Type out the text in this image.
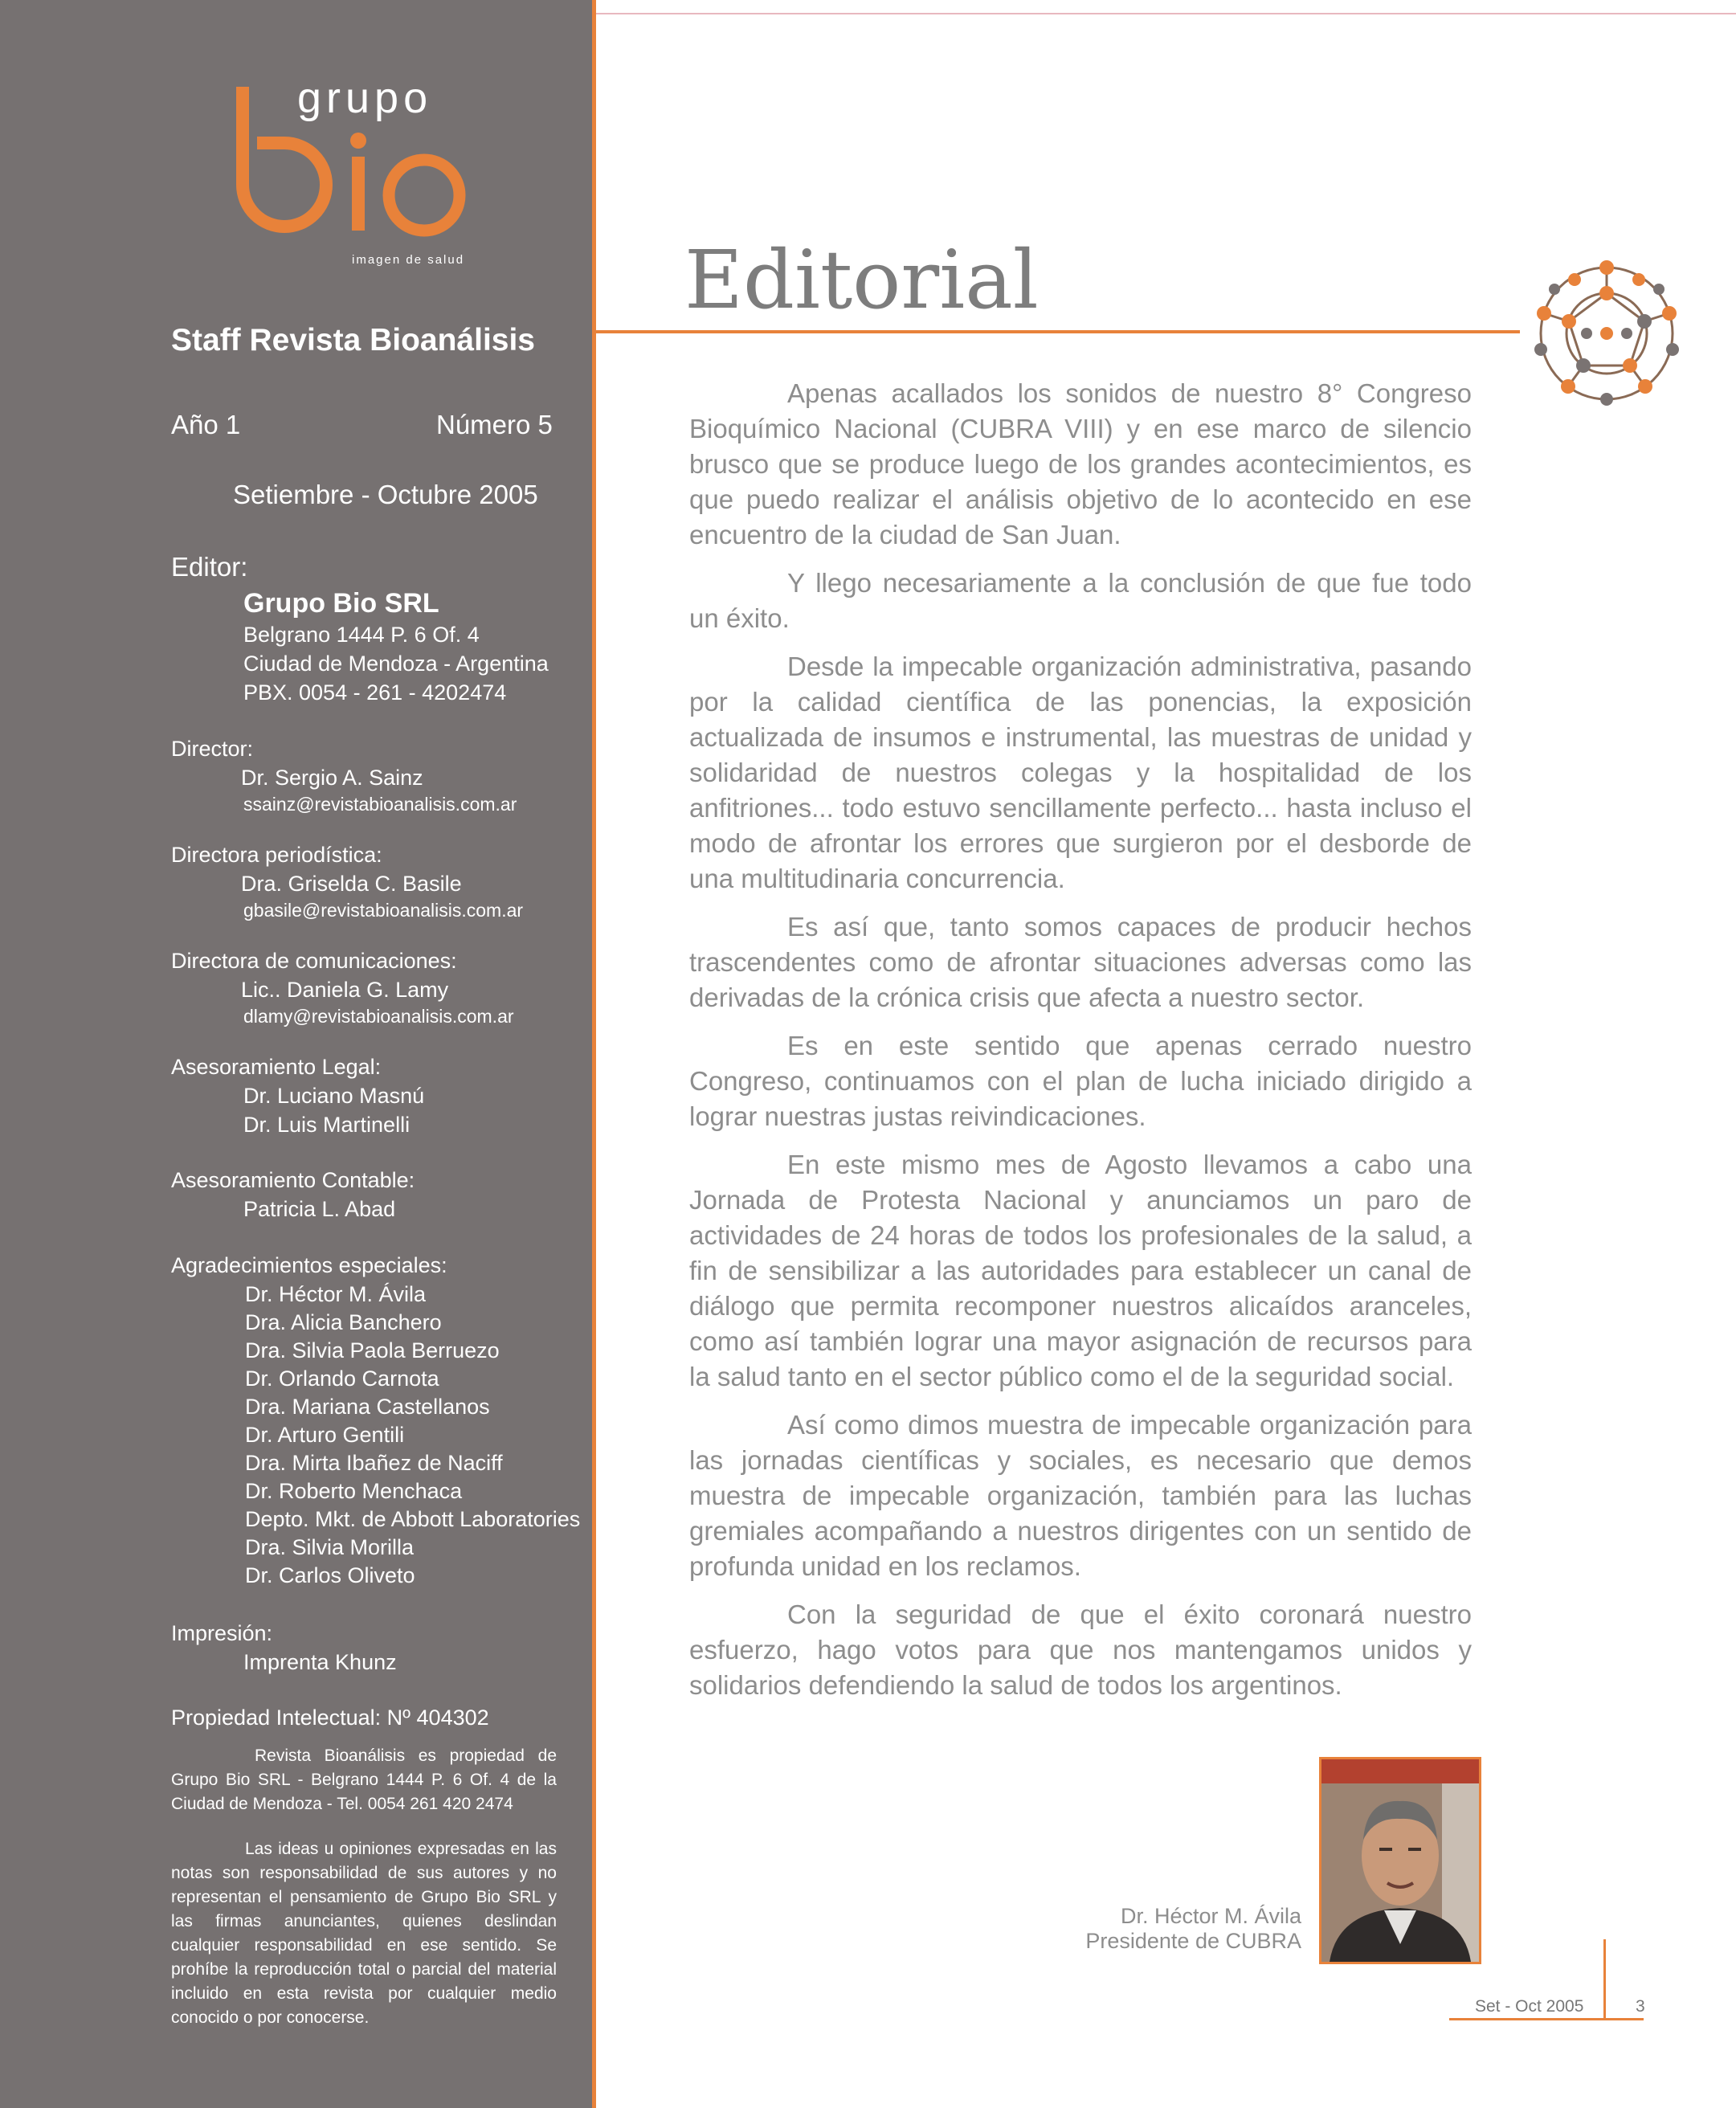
grupo
imagen de salud
Staff Revista Bioanálisis
Año 1	Número 5
Setiembre - Octubre 2005
Editor:
Grupo Bio SRL
Belgrano 1444 P. 6 Of. 4
Ciudad de Mendoza - Argentina
PBX. 0054 - 261 - 4202474
Director:
Dr. Sergio A. Sainz
ssainz@revistabioanalisis.com.ar
Directora periodística:
Dra. Griselda C. Basile
gbasile@revistabioanalisis.com.ar
Directora de comunicaciones:
Lic.. Daniela G. Lamy
dlamy@revistabioanalisis.com.ar
Asesoramiento Legal:
Dr. Luciano Masnú
Dr. Luis Martinelli
Asesoramiento Contable:
Patricia L. Abad
Agradecimientos especiales:
Dr. Héctor M. Ávila
Dra. Alicia Banchero
Dra. Silvia Paola Berruezo
Dr. Orlando Carnota
Dra. Mariana Castellanos
Dr. Arturo Gentili
Dra. Mirta Ibañez de Naciff
Dr. Roberto Menchaca
Depto. Mkt. de Abbott Laboratories
Dra. Silvia Morilla
Dr. Carlos Oliveto
Impresión:
Imprenta Khunz
Propiedad Intelectual: Nº 404302
Revista Bioanálisis es propiedad de Grupo Bio SRL - Belgrano 1444 P. 6 Of. 4 de la Ciudad de Mendoza - Tel. 0054 261 420 2474
Las ideas u opiniones expresadas en las notas son responsabilidad de sus autores y no representan el pensamiento de Grupo Bio SRL y las firmas anunciantes, quienes deslindan cualquier responsabilidad en ese sentido. Se prohíbe la reproducción total o parcial del material incluido en esta revista por cualquier medio conocido o por conocerse.
Editorial

Apenas acallados los sonidos de nuestro 8° Congreso Bioquímico Nacional (CUBRA VIII) y en ese marco de silencio brusco que se produce luego de los grandes acontecimientos, es que puedo realizar el análisis objetivo de lo acontecido en ese encuentro de la ciudad de San Juan.

Y llego necesariamente a la conclusión de que fue todo un éxito.

Desde la impecable organización administrativa, pasando por la calidad científica de las ponencias, la exposición actualizada de insumos e instrumental, las muestras de unidad y solidaridad de nuestros colegas y la hospitalidad de los anfitriones... todo estuvo sencillamente perfecto... hasta incluso el modo de afrontar los errores que surgieron por el desborde de una multitudinaria concurrencia.

Es así que, tanto somos capaces de producir hechos trascendentes como de afrontar situaciones adversas como las derivadas de la crónica crisis que afecta a nuestro sector.

Es en este sentido que apenas cerrado nuestro Congreso, continuamos con el plan de lucha iniciado dirigido a lograr nuestras justas reivindicaciones.

En este mismo mes de Agosto llevamos a cabo una Jornada de Protesta Nacional y anunciamos un paro de actividades de 24 horas de todos los profesionales de la salud, a fin de sensibilizar a las autoridades para establecer un canal de diálogo que permita recomponer nuestros alicaídos aranceles, como así también lograr una mayor asignación de recursos para la salud tanto en el sector público como el de la seguridad social.

Así como dimos muestra de impecable organización para las jornadas científicas y sociales, es necesario que demos muestra de impecable organización, también para las luchas gremiales acompañando a nuestros dirigentes con un sentido de profunda unidad en los reclamos.

Con la seguridad de que el éxito coronará nuestro esfuerzo, hago votos para que nos mantengamos unidos y solidarios defendiendo la salud de todos los argentinos.

Dr. Héctor M. Ávila
Presidente de CUBRA
Set - Oct 2005	3
